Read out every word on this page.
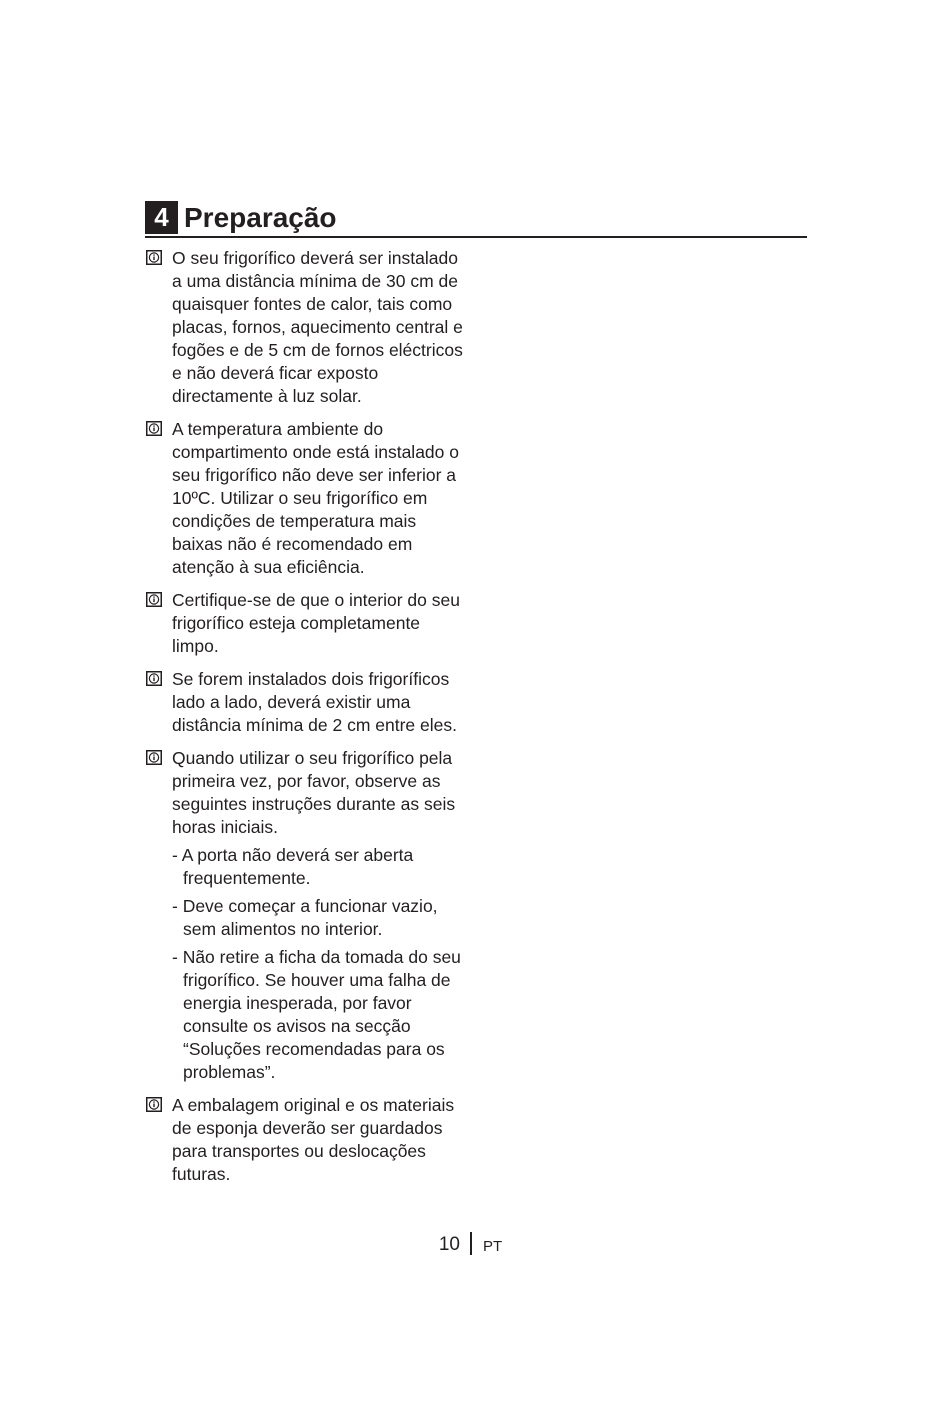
4 Preparação
O seu frigorífico deverá ser instalado a uma distância mínima de 30 cm de quaisquer fontes de calor, tais como placas, fornos, aquecimento central e fogões e de 5 cm de fornos eléctricos e não deverá ficar exposto directamente à luz solar.
A temperatura ambiente do compartimento onde está instalado o seu frigorífico não deve ser inferior a 10ºC. Utilizar o seu frigorífico em condições de temperatura mais baixas não é recomendado em atenção à sua eficiência.
Certifique-se de que o interior do seu frigorífico esteja completamente limpo.
Se forem instalados dois frigoríficos lado a lado, deverá existir uma distância mínima de 2 cm entre eles.
Quando utilizar o seu frigorífico pela primeira vez, por favor, observe as seguintes instruções durante as seis horas iniciais.
- A porta não deverá ser aberta frequentemente.
- Deve começar a funcionar vazio, sem alimentos no interior.
- Não retire a ficha da tomada do seu frigorífico. Se houver uma falha de energia inesperada, por favor consulte os avisos na secção “Soluções recomendadas para os problemas”.
A embalagem original e os materiais de esponja deverão ser guardados para transportes ou deslocações futuras.
10 PT
